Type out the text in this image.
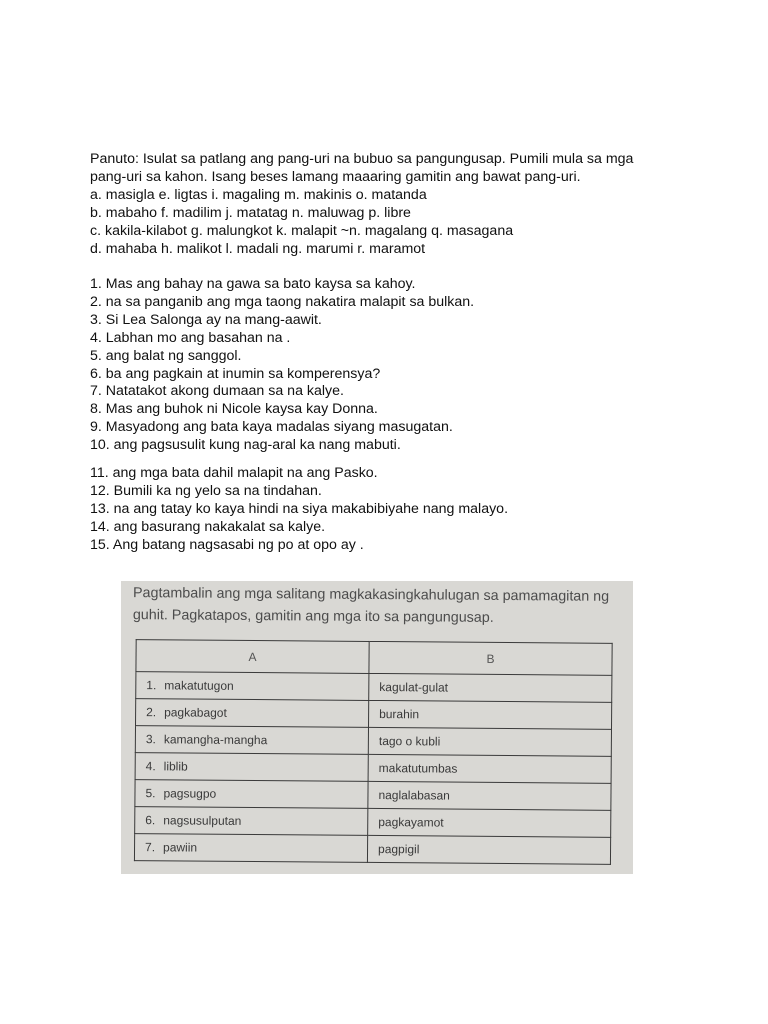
Panuto: Isulat sa patlang ang pang-uri na bubuo sa pangungusap. Pumili mula sa mga
pang-uri sa kahon. Isang beses lamang maaaring gamitin ang bawat pang-uri.
a. masigla e. ligtas i. magaling m. makinis o. matanda
b. mabaho f. madilim j. matatag n. maluwag p. libre
c. kakila-kilabot g. malungkot k. malapit ~n. magalang q. masagana
d. mahaba h. malikot l. madali ng. marumi r. maramot
1. Mas ang bahay na gawa sa bato kaysa sa kahoy.
2. na sa panganib ang mga taong nakatira malapit sa bulkan.
3. Si Lea Salonga ay na mang-aawit.
4. Labhan mo ang basahan na .
5. ang balat ng sanggol.
6. ba ang pagkain at inumin sa komperensya?
7. Natatakot akong dumaan sa na kalye.
8. Mas ang buhok ni Nicole kaysa kay Donna.
9. Masyadong ang bata kaya madalas siyang masugatan.
10. ang pagsusulit kung nag-aral ka nang mabuti.
11. ang mga bata dahil malapit na ang Pasko.
12. Bumili ka ng yelo sa na tindahan.
13. na ang tatay ko kaya hindi na siya makabibiyahe nang malayo.
14. ang basurang nakakalat sa kalye.
15. Ang batang nagsasabi ng po at opo ay .
Pagtambalin ang mga salitang magkakasingkahulugan sa pamamagitan ng
guhit. Pagkatapos, gamitin ang mga ito sa pangungusap.
A	B
1. makatutugon	kagulat-gulat
2. pagkabagot	burahin
3. kamangha-mangha	tago o kubli
4. liblib	makatutumbas
5. pagsugpo	naglalabasan
6. nagsusulputan	pagkayamot
7. pawiin	pagpigil
